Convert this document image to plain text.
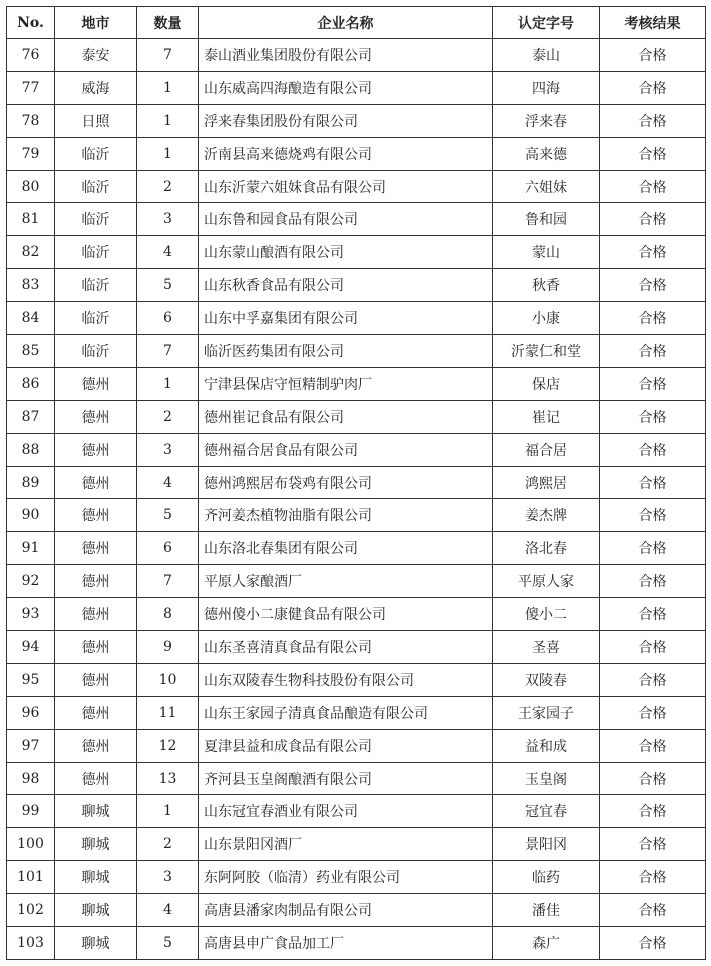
No.	地市	数量	企业名称	认定字号	考核结果
76	泰安	7	泰山酒业集团股份有限公司	泰山	合格
77	威海	1	山东威高四海酿造有限公司	四海	合格
78	日照	1	浮来春集团股份有限公司	浮来春	合格
79	临沂	1	沂南县高来德烧鸡有限公司	高来德	合格
80	临沂	2	山东沂蒙六姐妹食品有限公司	六姐妹	合格
81	临沂	3	山东鲁和园食品有限公司	鲁和园	合格
82	临沂	4	山东蒙山酿酒有限公司	蒙山	合格
83	临沂	5	山东秋香食品有限公司	秋香	合格
84	临沂	6	山东中孚嘉集团有限公司	小康	合格
85	临沂	7	临沂医药集团有限公司	沂蒙仁和堂	合格
86	德州	1	宁津县保店守恒精制驴肉厂	保店	合格
87	德州	2	德州崔记食品有限公司	崔记	合格
88	德州	3	德州福合居食品有限公司	福合居	合格
89	德州	4	德州鸿熙居布袋鸡有限公司	鸿熙居	合格
90	德州	5	齐河姜杰植物油脂有限公司	姜杰牌	合格
91	德州	6	山东洛北春集团有限公司	洛北春	合格
92	德州	7	平原人家酿酒厂	平原人家	合格
93	德州	8	德州傻小二康健食品有限公司	傻小二	合格
94	德州	9	山东圣喜清真食品有限公司	圣喜	合格
95	德州	10	山东双陵春生物科技股份有限公司	双陵春	合格
96	德州	11	山东王家园子清真食品酿造有限公司	王家园子	合格
97	德州	12	夏津县益和成食品有限公司	益和成	合格
98	德州	13	齐河县玉皇阁酿酒有限公司	玉皇阁	合格
99	聊城	1	山东冠宜春酒业有限公司	冠宜春	合格
100	聊城	2	山东景阳冈酒厂	景阳冈	合格
101	聊城	3	东阿阿胶（临清）药业有限公司	临药	合格
102	聊城	4	高唐县潘家肉制品有限公司	潘佳	合格
103	聊城	5	高唐县申广食品加工厂	森广	合格
